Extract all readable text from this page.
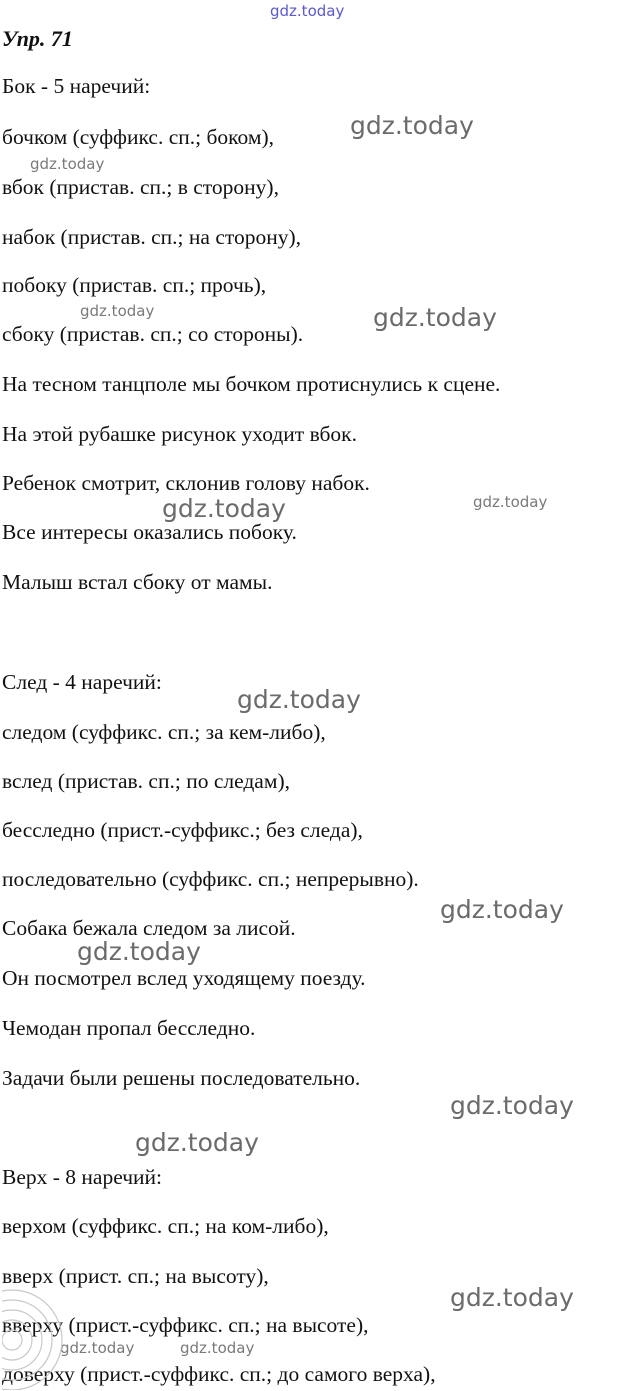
gdz.today
Упр. 71
Бок - 5 наречий:
бочком (суффикс. сп.; боком),
вбок (пристав. сп.; в сторону),
набок (пристав. сп.; на сторону),
побоку (пристав. сп.; прочь),
сбоку (пристав. сп.; со стороны).
На тесном танцполе мы бочком протиснулись к сцене.
На этой рубашке рисунок уходит вбок.
Ребенок смотрит, склонив голову набок.
Все интересы оказались побоку.
Малыш встал сбоку от мамы.
След - 4 наречий:
следом (суффикс. сп.; за кем-либо),
вслед (пристав. сп.; по следам),
бесследно (прист.-суффикс.; без следа),
последовательно (суффикс. сп.; непрерывно).
Собака бежала следом за лисой.
Он посмотрел вслед уходящему поезду.
Чемодан пропал бесследно.
Задачи были решены последовательно.
Верх - 8 наречий:
верхом (суффикс. сп.; на ком-либо),
вверх (прист. сп.; на высоту),
вверху (прист.-суффикс. сп.; на высоте),
доверху (прист.-суффикс. сп.; до самого верха),
gdz.today
gdz.today
gdz.today
gdz.today
gdz.today	gdz.today
gdz.today
gdz.today
gdz.today
gdz.today
gdz.today
gdz.today
gdz.today	gdz.today
